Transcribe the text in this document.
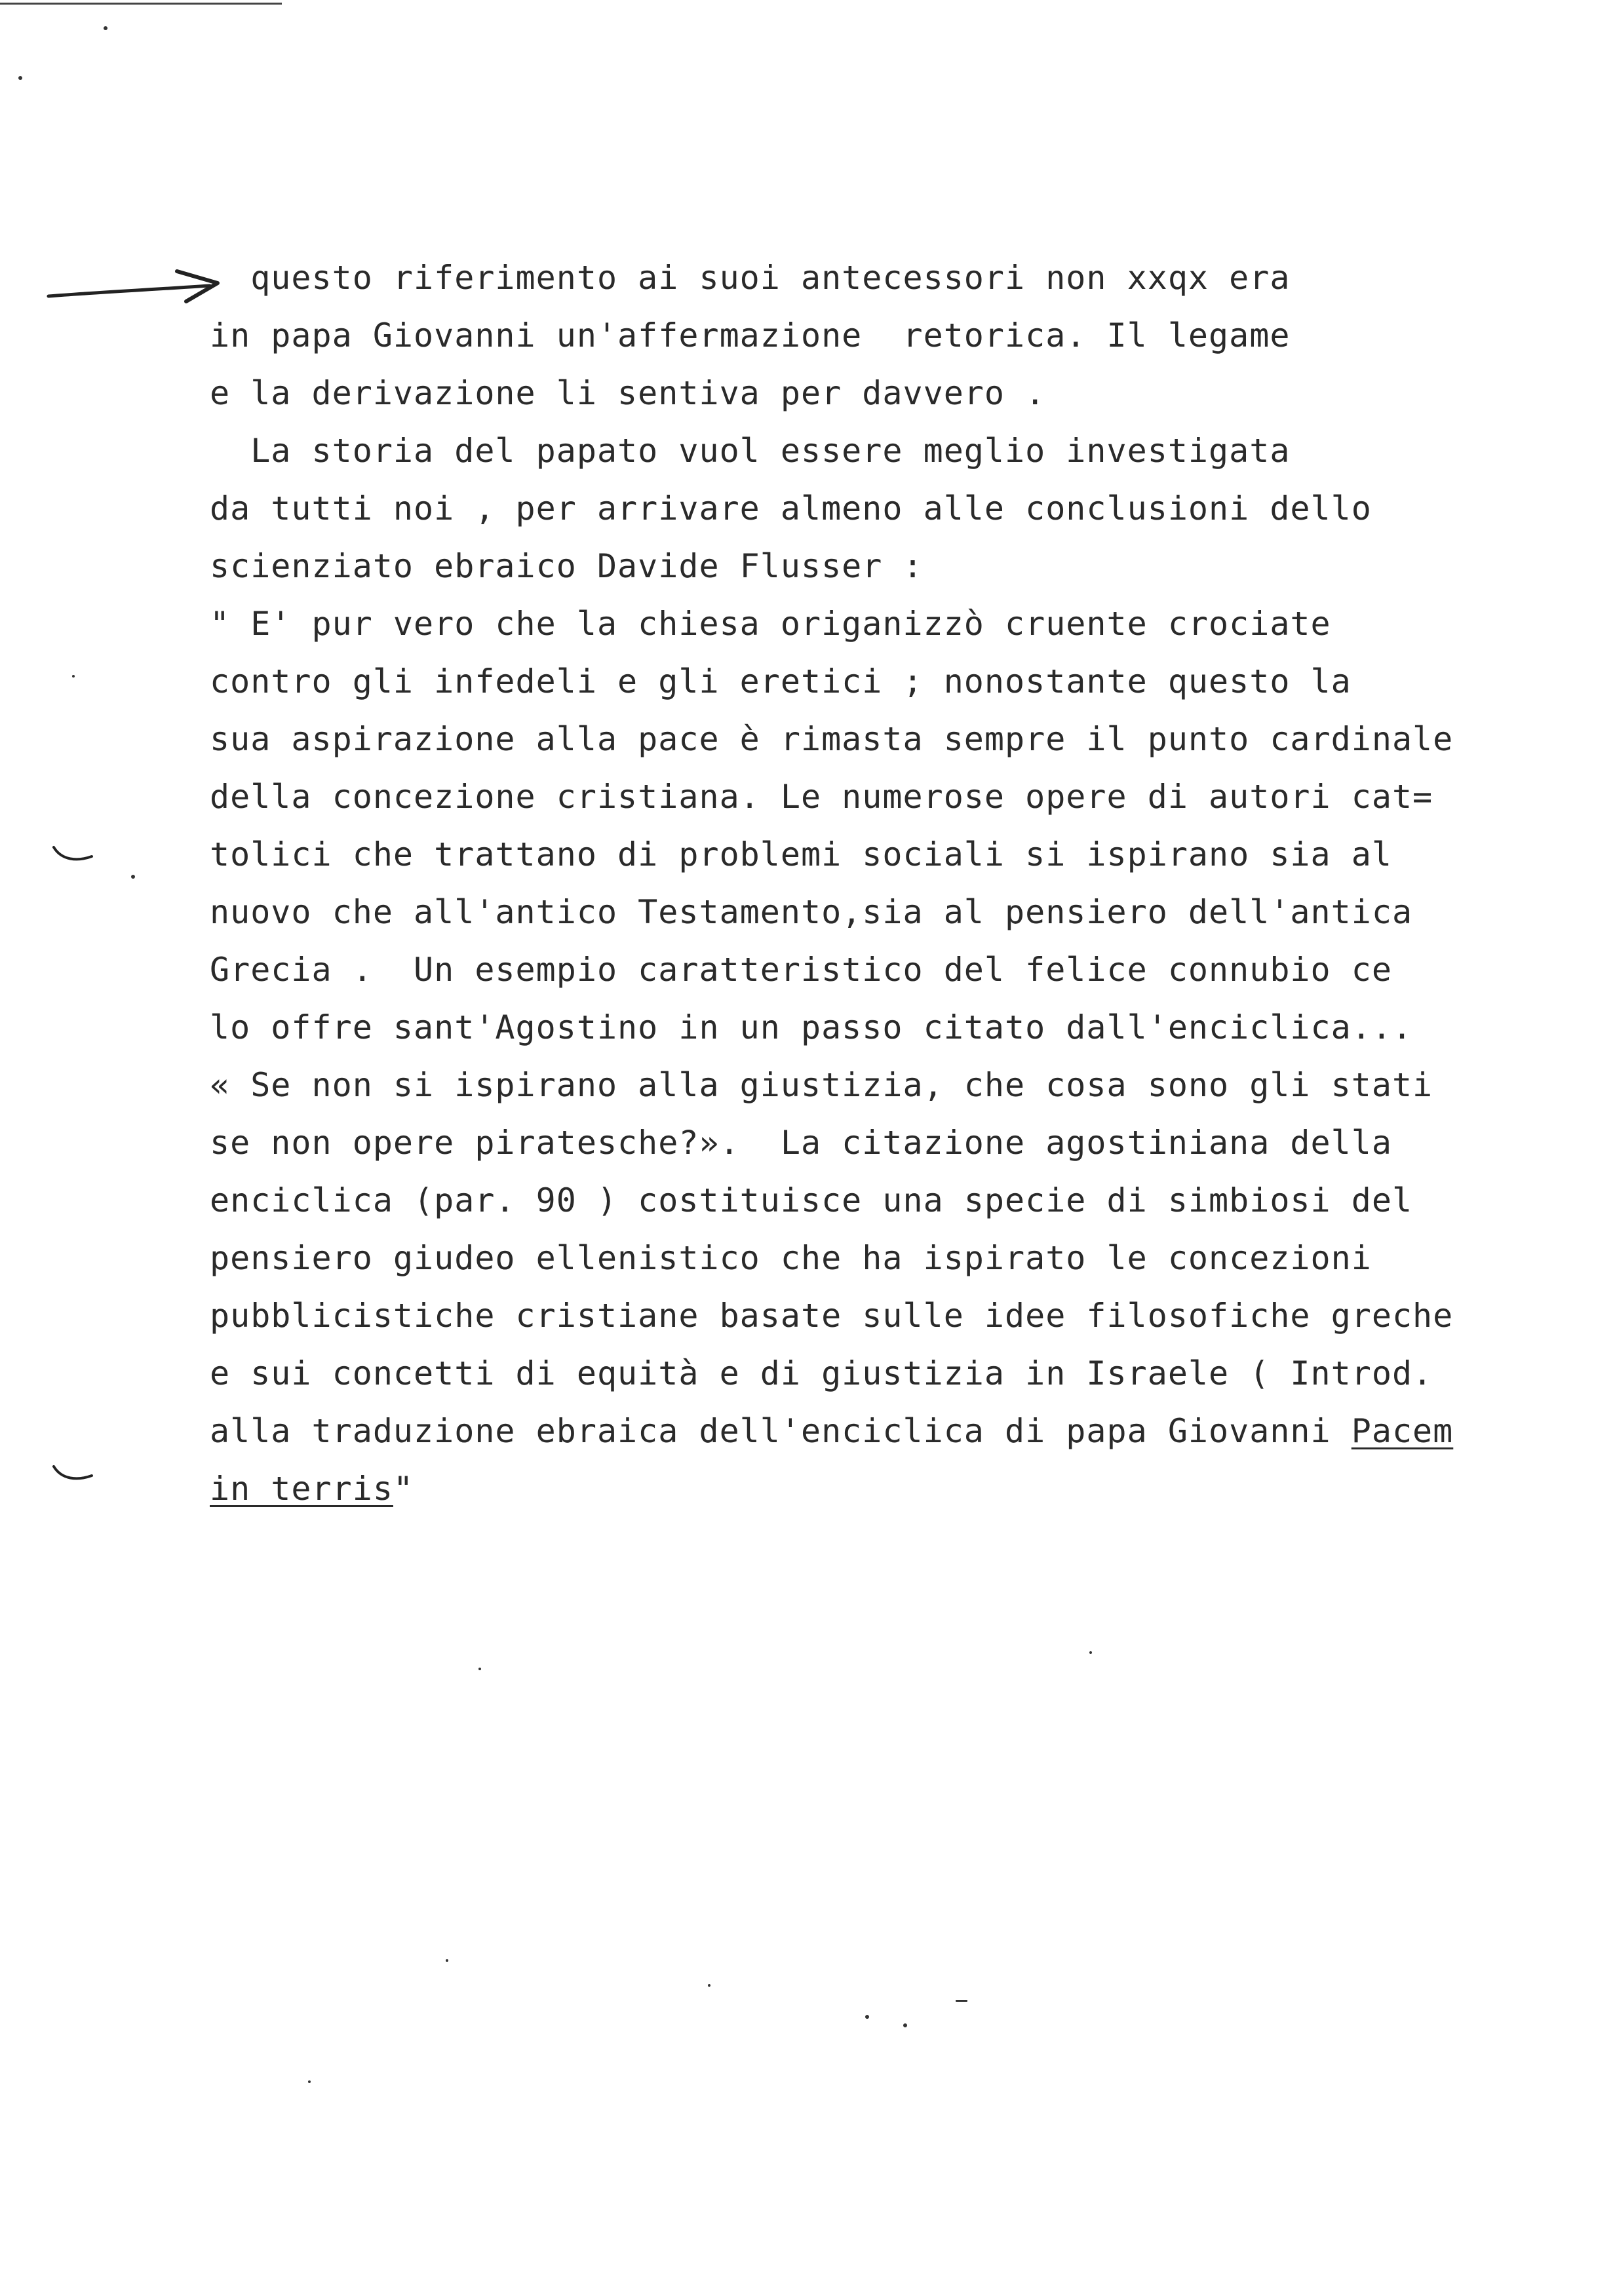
questo riferimento ai suoi antecessori non xxqx era
in papa Giovanni un'affermazione  retorica. Il legame
e la derivazione li sentiva per davvero .
La storia del papato vuol essere meglio investigata
da tutti noi , per arrivare almeno alle conclusioni dello
scienziato ebraico Davide Flusser :
" E' pur vero che la chiesa origanizzò cruente crociate
contro gli infedeli e gli eretici ; nonostante questo la
sua aspirazione alla pace è rimasta sempre il punto cardinale
della concezione cristiana. Le numerose opere di autori cat=
tolici che trattano di problemi sociali si ispirano sia al
nuovo che all'antico Testamento,sia al pensiero dell'antica
Grecia .  Un esempio caratteristico del felice connubio ce
lo offre sant'Agostino in un passo citato dall'enciclica...
« Se non si ispirano alla giustizia, che cosa sono gli stati
se non opere piratesche?».  La citazione agostiniana della
enciclica (par. 90 ) costituisce una specie di simbiosi del
pensiero giudeo ellenistico che ha ispirato le concezioni
pubblicistiche cristiane basate sulle idee filosofiche greche
e sui concetti di equità e di giustizia in Israele ( Introd.
alla traduzione ebraica dell'enciclica di papa Giovanni Pacem
in terris"
